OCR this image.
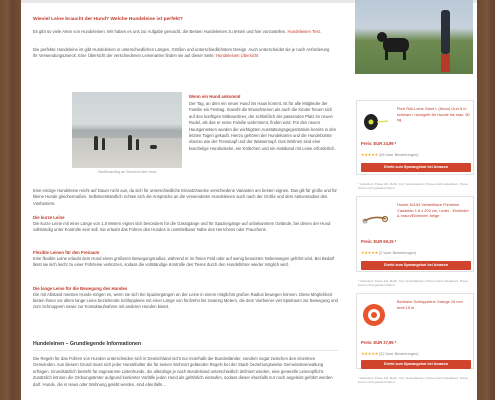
Wieviel Leine braucht der Hund? Welche Hundeleine ist perfekt?

Es gibt so viele Arten von Hundeleinen. Wir haben es uns zur Aufgabe gemacht, die Besten Hundeleinen zu testen und hier vorzustellen. Hundeleinen Test.

Die perfekte Hundeleine ist gibt Hundeleinen in unterschiedlichen Längen, Größen und unterschiedlichstem Design. Auch unterscheidet sie je nach Anforderung ihr Verwendungszweck. Eine Übersicht der verschiedenen Leinenarten finden sie auf dieser Seite: Hundeleinen Übersicht

Familienausflug am Strand mit dem Hund
Wenn ein Hund ankommt

Der Tag, an dem ein neuer Hund ins Haus kommt, ist für alle Mitglieder der Familie ein Festtag. Sowohl die Erwachsenen als auch die Kinder freuen sich auf den künftigen Mitbewohner, der schließlich der passenden Platz im neuen Rudel, als das er seine Familie wahrnimmt, finden wird. Für den neuen Hausgenossen wurden die wichtigsten Ausstattungsgegenstände bereits in den letzten Tagen gekauft. Hierzu gehören der Hundekamm und die Hundebürste ebenso wie der Fressnapf und der Wassernapf. Das Wohnen sind eine kuschelige Hundedecke, ein Körbchen und ein Halsband mit Leine erforderlich.

Eine einzige Hundeleine reicht auf Dauer nicht aus, da sich für unterschiedliche Einsatzzwecke verschiedene Varianten am besten eignen. Das gilt für große und für kleine Hunde gleichermaßen. Selbstverständlich richten sich die Ansprüche an die verwendeten Hundeleinen auch nach der Größe und dem Aktionsradius des Vierbeiners.

Die kurze Leine

Die kurze Leine mit einer Länge von 1,5 Metern eignet sich besonders für die Gassigänge und für Spaziergänge auf unbekanntem Gelände, bei denen der Hund vollständig unter Kontrolle sein soll. Sie erlaubt das Führen des Hundes in unmittelbarer Nähe des Herrchens oder Frauchens.

Flexible Leinen für den Freiraum

Eine flexible Leine erlaubt dem Hund einen größeren Bewegungsradius, während er im freien Feld oder auf wenig benutzten Nebenwegen geführt wird. Bei Bedarf lässt sie sich leicht zu einer Führleine verkürzen, sodass die vollständige Kontrolle des Tieres durch den Hundeführer wieder möglich wird.

Die lange Leine für die Bewegung des Hundes

Die mit Abstand meisten Hunde mögen es, wenn sie sich bei Spaziergängen an der Leine in einem möglichst großen Radius bewegen können. Diese Möglichkeit bieten ihnen vor allem lange Leine beziehende Schleppleine mit einer Länge von fünfzehn bis zwanzig Metern, die dem Vierbeiner viel Spielraum zur Bewegung und zum Schnuppern sowie zur Kontaktaufnahme mit anderen Hunden bietet.

Hundeleinen – Grundlegende Informationen

Die Regeln für das Führen von Hunden unterscheiden sich in Deutschland nicht nur innerhalb der Bundesländer, sondern sogar zwischen den einzelnen Gemeinden. Aus diesem Grund muss sich jeder Hundehalter die für seinen Wohnort geltenden Regeln bei der Stadt- beziehungsweise Gemeindeverwaltung erfragen. Grundsätzlich besteht für sogenannte Listenhunde, die allerdings je nach Bundesland unterschiedlich definiert werden, eine generelle Leinenpflicht. Zusätzlich können die Ordnungsämter aufgrund konkreter Vorfälle jeden Hund als gefährlich einstufen, sodass dieser ebenfalls nur noch angeleint geführt werden darf. Hunde, die in Haus oder Wohnung gelebt werden, sind ebenfalls…

Flexi Roll-Leine Giant L (Neon) Gurt 8 m schwarz / neongelb für Hunde bis max. 50 kg
Preis: EUR 24,99 *
★★★★★ (85 User Bewertungen)
Direkt zum Sparangebot bei Amazon
* Außerdem: Preise inkl. MwSt. zzgl. Versandkosten; Preise zuletzt aktualisiert. Preise können sich geändert haben.
Hunter 61154 Verstellbare Führleine Canadian 1.8 x 200 cm, Leder - Elchleder & braun/Elchleder, beige
Preis: EUR 69,15 *
★★★★★ (2 User Bewertungen)
Direkt zum Sparangebot bei Amazon
* Außerdem: Preise inkl. MwSt. zzgl. Versandkosten; Preise zuletzt aktualisiert. Preise können sich geändert haben.
Biothane Schleppleine Orange 15 mm breit 15 m
Preis: EUR 37,95 *
★★★★★ (22 User Bewertungen)
Direkt zum Sparangebot bei Amazon
* Außerdem: Preise inkl. MwSt. zzgl. Versandkosten; Preise zuletzt aktualisiert. Preise können sich geändert haben.
